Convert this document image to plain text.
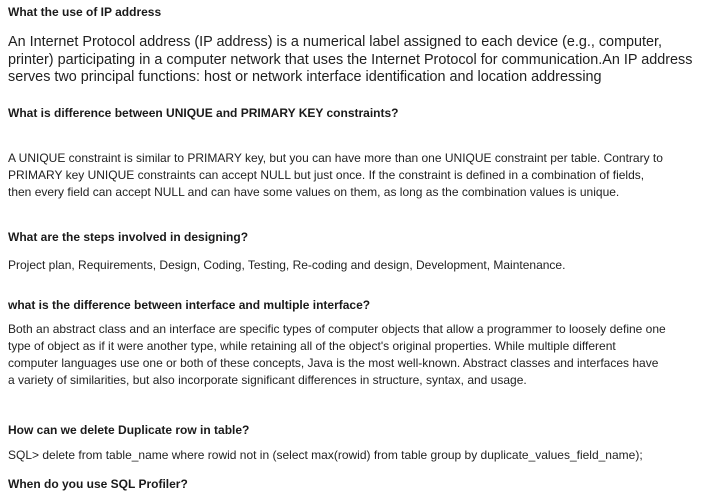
What the use of IP address

An Internet Protocol address (IP address) is a numerical label assigned to each device (e.g., computer,
printer) participating in a computer network that uses the Internet Protocol for communication.An IP address
serves two principal functions: host or network interface identification and location addressing

What is difference between UNIQUE and PRIMARY KEY constraints?

A UNIQUE constraint is similar to PRIMARY key, but you can have more than one UNIQUE constraint per table. Contrary to
PRIMARY key UNIQUE constraints can accept NULL but just once. If the constraint is defined in a combination of fields,
then every field can accept NULL and can have some values on them, as long as the combination values is unique.

What are the steps involved in designing?

Project plan, Requirements, Design, Coding, Testing, Re-coding and design, Development, Maintenance.

what is the difference between interface and multiple interface?

Both an abstract class and an interface are specific types of computer objects that allow a programmer to loosely define one
type of object as if it were another type, while retaining all of the object's original properties. While multiple different
computer languages use one or both of these concepts, Java is the most well-known. Abstract classes and interfaces have
a variety of similarities, but also incorporate significant differences in structure, syntax, and usage.

How can we delete Duplicate row in table?

SQL> delete from table_name where rowid not in (select max(rowid) from table group by duplicate_values_field_name);

When do you use SQL Profiler?
